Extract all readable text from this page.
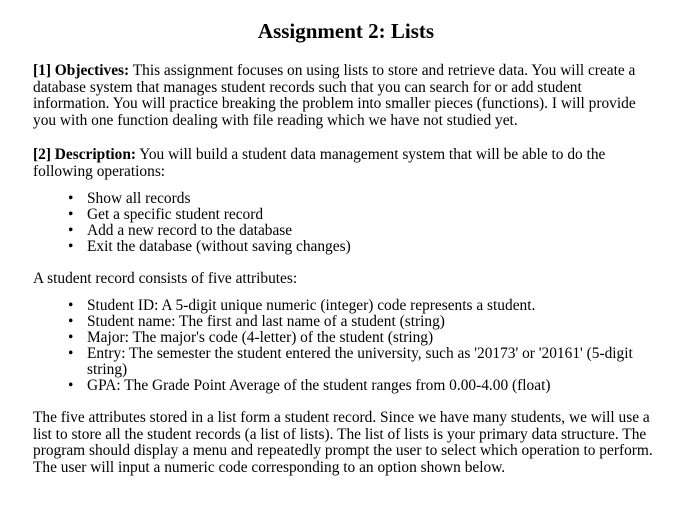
Assignment 2: Lists

[1] Objectives: This assignment focuses on using lists to store and retrieve data. You will create a database system that manages student records such that you can search for or add student information. You will practice breaking the problem into smaller pieces (functions). I will provide you with one function dealing with file reading which we have not studied yet.

[2] Description: You will build a student data management system that will be able to do the following operations:

• Show all records
• Get a specific student record
• Add a new record to the database
• Exit the database (without saving changes)

A student record consists of five attributes:

• Student ID: A 5-digit unique numeric (integer) code represents a student.
• Student name: The first and last name of a student (string)
• Major: The major's code (4-letter) of the student (string)
• Entry: The semester the student entered the university, such as '20173' or '20161' (5-digit string)
• GPA: The Grade Point Average of the student ranges from 0.00-4.00 (float)

The five attributes stored in a list form a student record. Since we have many students, we will use a list to store all the student records (a list of lists). The list of lists is your primary data structure. The program should display a menu and repeatedly prompt the user to select which operation to perform. The user will input a numeric code corresponding to an option shown below.
